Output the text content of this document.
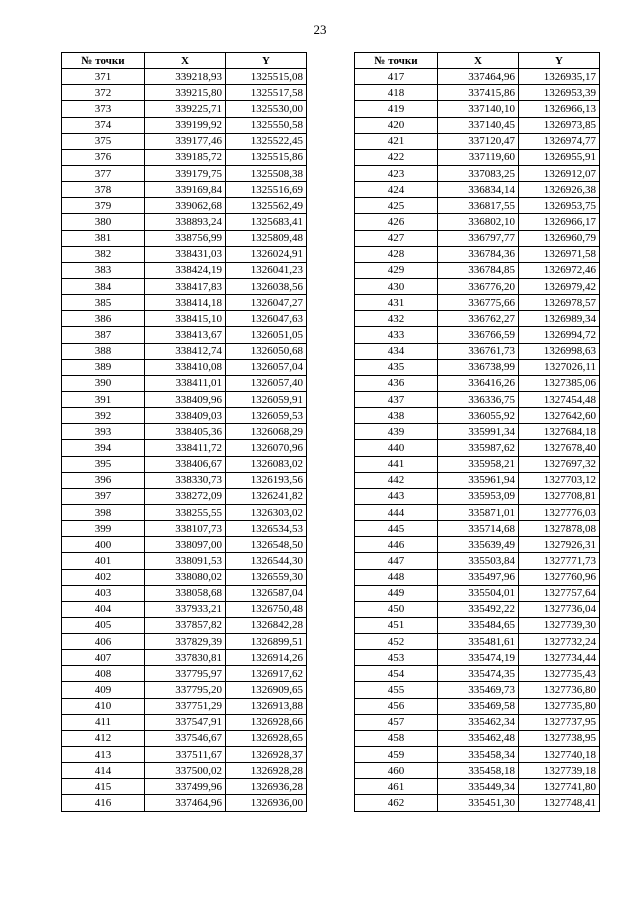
23
№ точки	X	Y
371	339218,93	1325515,08
372	339215,80	1325517,58
373	339225,71	1325530,00
374	339199,92	1325550,58
375	339177,46	1325522,45
376	339185,72	1325515,86
377	339179,75	1325508,38
378	339169,84	1325516,69
379	339062,68	1325562,49
380	338893,24	1325683,41
381	338756,99	1325809,48
382	338431,03	1326024,91
383	338424,19	1326041,23
384	338417,83	1326038,56
385	338414,18	1326047,27
386	338415,10	1326047,63
387	338413,67	1326051,05
388	338412,74	1326050,68
389	338410,08	1326057,04
390	338411,01	1326057,40
391	338409,96	1326059,91
392	338409,03	1326059,53
393	338405,36	1326068,29
394	338411,72	1326070,96
395	338406,67	1326083,02
396	338330,73	1326193,56
397	338272,09	1326241,82
398	338255,55	1326303,02
399	338107,73	1326534,53
400	338097,00	1326548,50
401	338091,53	1326544,30
402	338080,02	1326559,30
403	338058,68	1326587,04
404	337933,21	1326750,48
405	337857,82	1326842,28
406	337829,39	1326899,51
407	337830,81	1326914,26
408	337795,97	1326917,62
409	337795,20	1326909,65
410	337751,29	1326913,88
411	337547,91	1326928,66
412	337546,67	1326928,65
413	337511,67	1326928,37
414	337500,02	1326928,28
415	337499,96	1326936,28
416	337464,96	1326936,00
№ точки	X	Y
417	337464,96	1326935,17
418	337415,86	1326953,39
419	337140,10	1326966,13
420	337140,45	1326973,85
421	337120,47	1326974,77
422	337119,60	1326955,91
423	337083,25	1326912,07
424	336834,14	1326926,38
425	336817,55	1326953,75
426	336802,10	1326966,17
427	336797,77	1326960,79
428	336784,36	1326971,58
429	336784,85	1326972,46
430	336776,20	1326979,42
431	336775,66	1326978,57
432	336762,27	1326989,34
433	336766,59	1326994,72
434	336761,73	1326998,63
435	336738,99	1327026,11
436	336416,26	1327385,06
437	336336,75	1327454,48
438	336055,92	1327642,60
439	335991,34	1327684,18
440	335987,62	1327678,40
441	335958,21	1327697,32
442	335961,94	1327703,12
443	335953,09	1327708,81
444	335871,01	1327776,03
445	335714,68	1327878,08
446	335639,49	1327926,31
447	335503,84	1327771,73
448	335497,96	1327760,96
449	335504,01	1327757,64
450	335492,22	1327736,04
451	335484,65	1327739,30
452	335481,61	1327732,24
453	335474,19	1327734,44
454	335474,35	1327735,43
455	335469,73	1327736,80
456	335469,58	1327735,80
457	335462,34	1327737,95
458	335462,48	1327738,95
459	335458,34	1327740,18
460	335458,18	1327739,18
461	335449,34	1327741,80
462	335451,30	1327748,41
